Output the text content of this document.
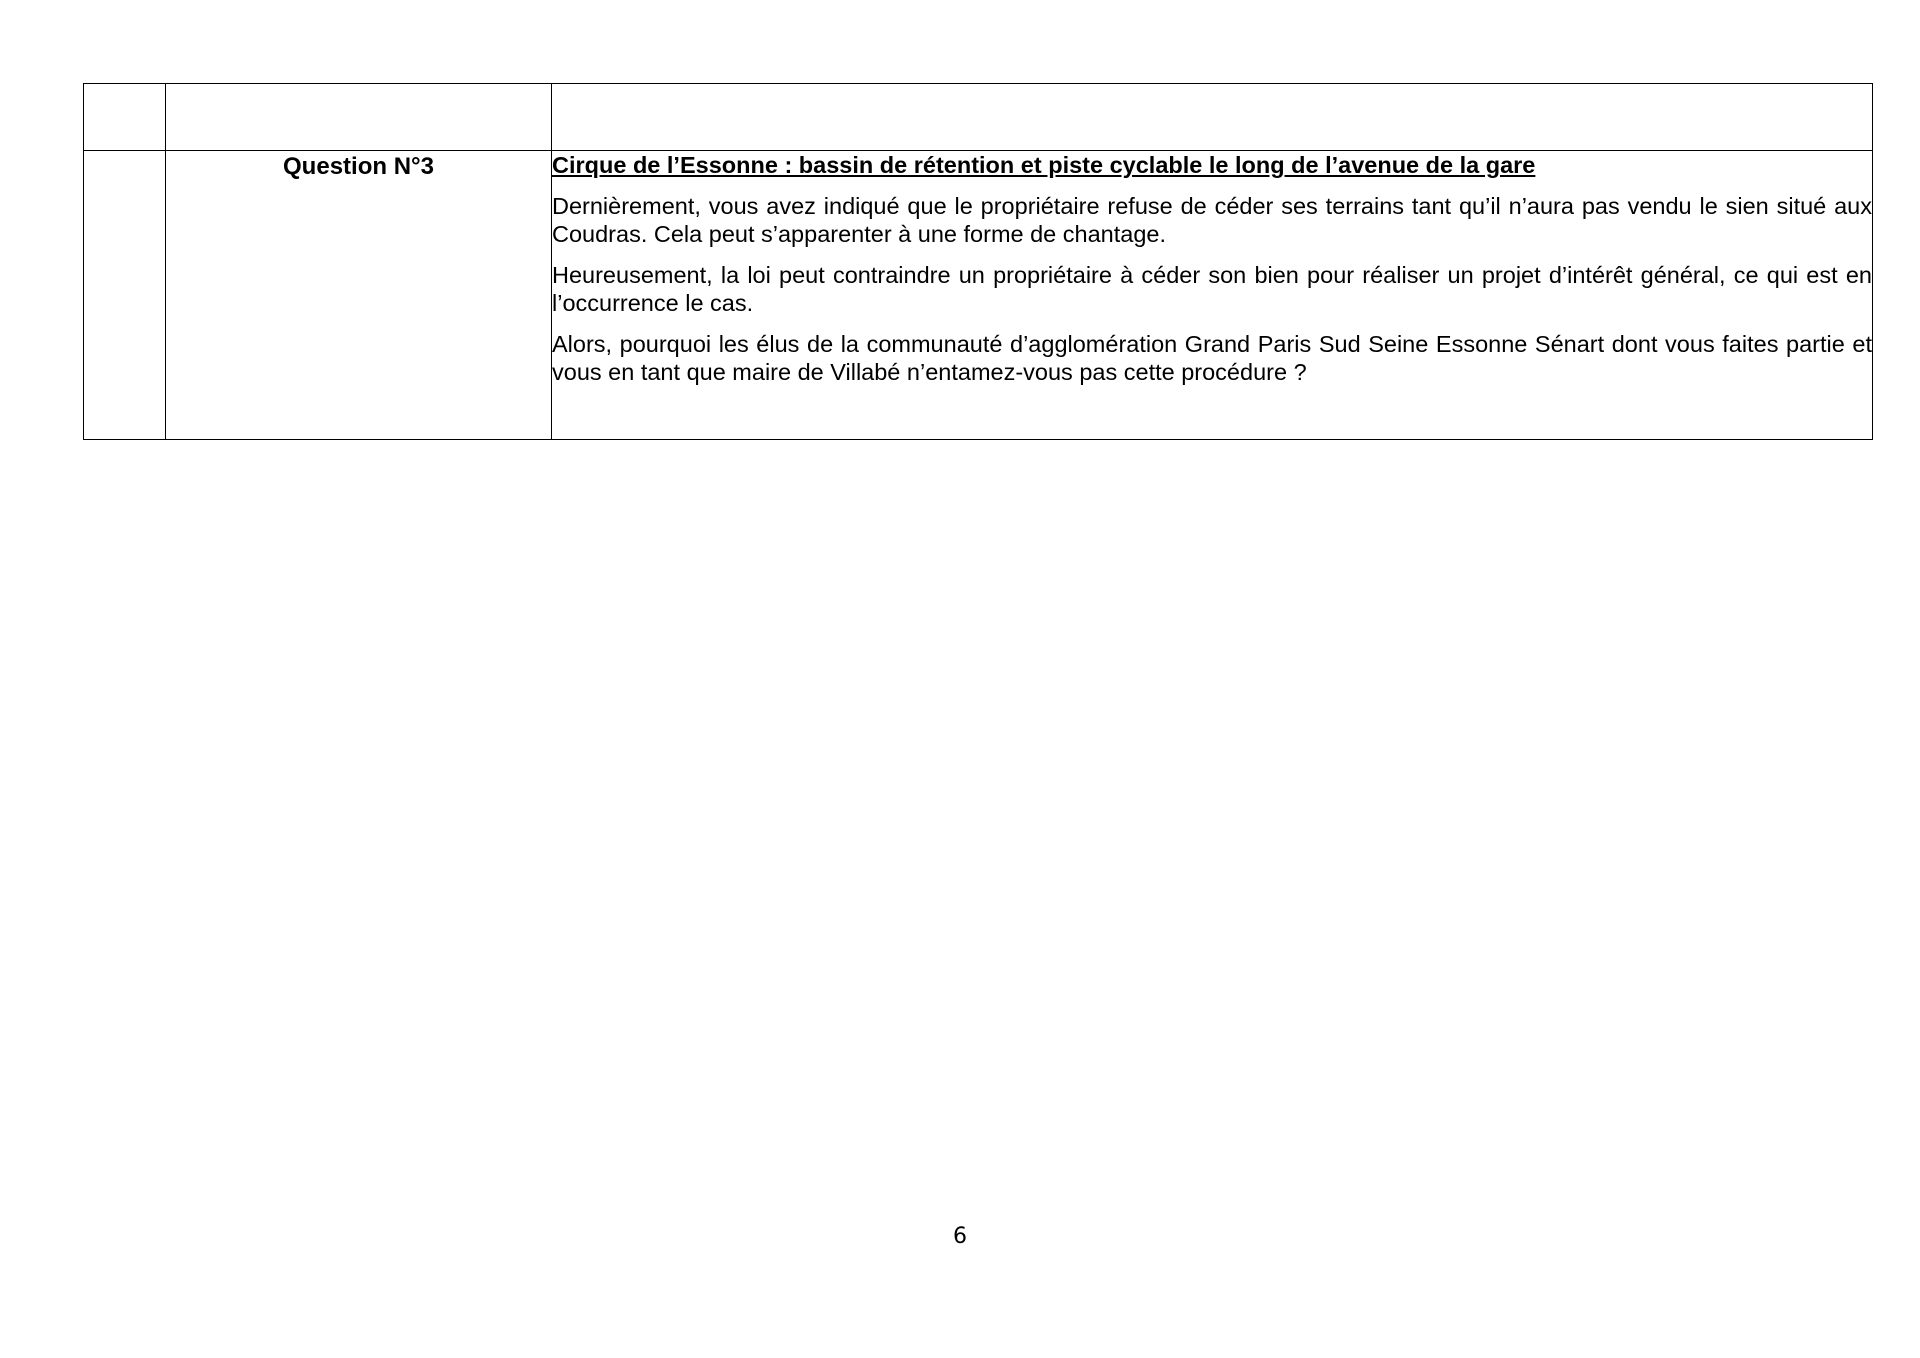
	Question N°3	Cirque de l’Essonne : bassin de rétention et piste cyclable le long de l’avenue de la gare

Dernièrement, vous avez indiqué que le propriétaire refuse de céder ses terrains tant qu’il n’aura pas vendu le sien situé aux Coudras. Cela peut s’apparenter à une forme de chantage.

Heureusement, la loi peut contraindre un propriétaire à céder son bien pour réaliser un projet d’intérêt général, ce qui est en l’occurrence le cas.

Alors, pourquoi les élus de la communauté d’agglomération Grand Paris Sud Seine Essonne Sénart dont vous faites partie et vous en tant que maire de Villabé n’entamez-vous pas cette procédure ?

6
